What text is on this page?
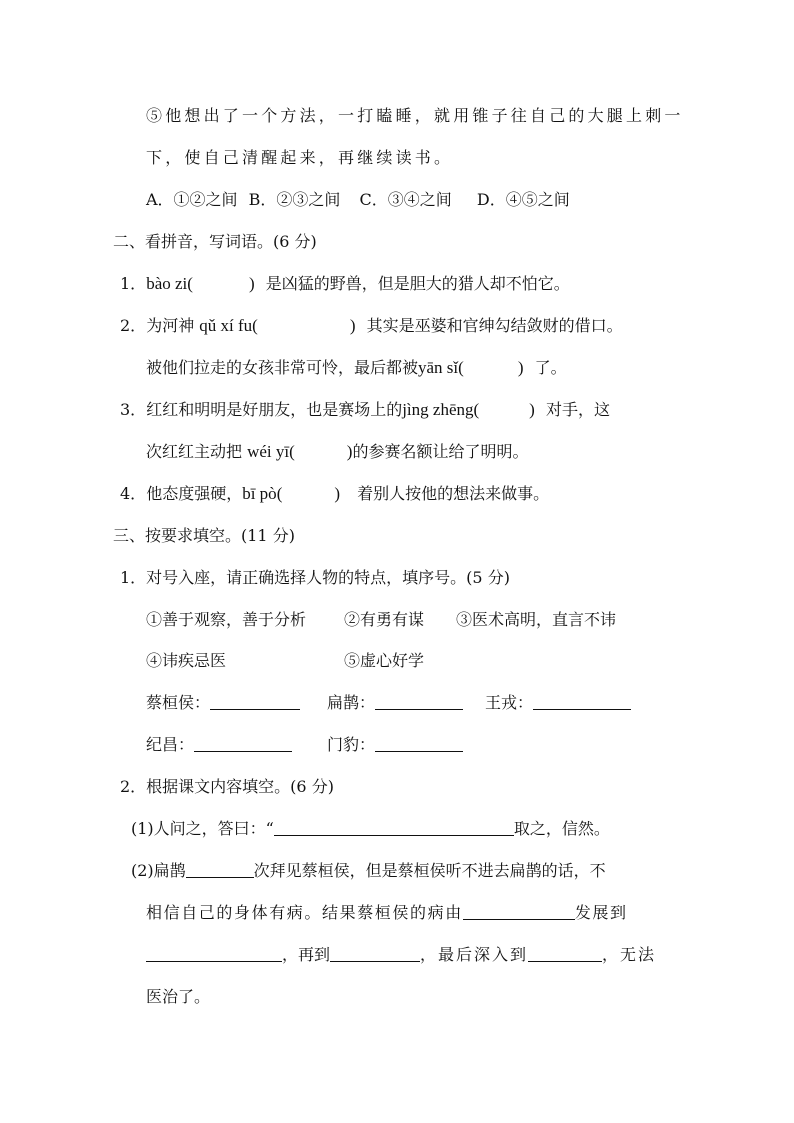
⑤他想出了一个方法，一打瞌睡，就用锥子往自己的大腿上刺一
下，使自己清醒起来，再继续读书。
A．①②之间 B．②③之间 C．③④之间 D．④⑤之间
二、看拼音，写词语。(6 分)
1．bào zi(	) 是凶猛的野兽，但是胆大的猎人却不怕它。
2．为河神 qǔ xí fu(	) 其实是巫婆和官绅勾结敛财的借口。
被他们拉走的女孩非常可怜，最后都被yān sǐ(	) 了。
3．红红和明明是好朋友，也是赛场上的jìng zhēng(	) 对手，这
次红红主动把 wéi yī(	)的参赛名额让给了明明。
4．他态度强硬，bī pò(	) 着别人按他的想法来做事。
三、按要求填空。(11 分)
1．对号入座，请正确选择人物的特点，填序号。(5 分)
①善于观察，善于分析 ②有勇有谋 ③医术高明，直言不讳
④讳疾忌医	⑤虚心好学
蔡桓侯：	扁鹊：	王戎：
纪昌：	门豹：
2．根据课文内容填空。(6 分)
(1)人问之，答曰：“	取之，信然。
(2)扁鹊	次拜见蔡桓侯，但是蔡桓侯听不进去扁鹊的话，不
相信自己的身体有病。结果蔡桓侯的病由	发展到
，再到	，最后深入到	，无法
医治了。
